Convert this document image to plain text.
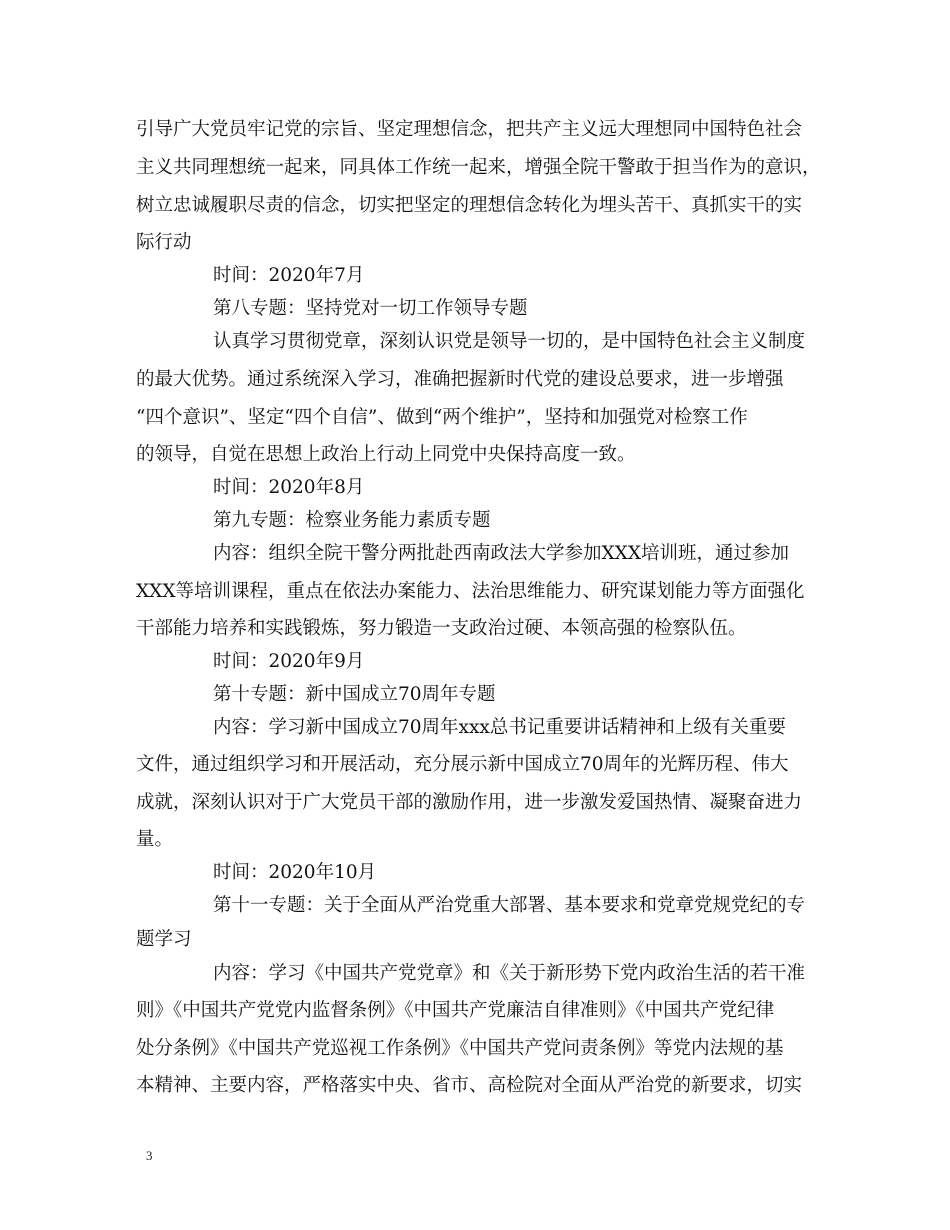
引导广大党员牢记党的宗旨、坚定理想信念，把共产主义远大理想同中国特色社会
主义共同理想统一起来，同具体工作统一起来，增强全院干警敢于担当作为的意识，
树立忠诚履职尽责的信念，切实把坚定的理想信念转化为埋头苦干、真抓实干的实
际行动
时间：2020年7月
第八专题：坚持党对一切工作领导专题
认真学习贯彻党章，深刻认识党是领导一切的，是中国特色社会主义制度
的最大优势。通过系统深入学习，准确把握新时代党的建设总要求，进一步增强
“四个意识”、坚定“四个自信”、做到“两个维护”，坚持和加强党对检察工作
的领导，自觉在思想上政治上行动上同党中央保持高度一致。
时间：2020年8月
第九专题：检察业务能力素质专题
内容：组织全院干警分两批赴西南政法大学参加XXX培训班，通过参加
XXX等培训课程，重点在依法办案能力、法治思维能力、研究谋划能力等方面强化
干部能力培养和实践锻炼，努力锻造一支政治过硬、本领高强的检察队伍。
时间：2020年9月
第十专题：新中国成立70周年专题
内容：学习新中国成立70周年xxx总书记重要讲话精神和上级有关重要
文件，通过组织学习和开展活动，充分展示新中国成立70周年的光辉历程、伟大
成就，深刻认识对于广大党员干部的激励作用，进一步激发爱国热情、凝聚奋进力
量。
时间：2020年10月
第十一专题：关于全面从严治党重大部署、基本要求和党章党规党纪的专
题学习
内容：学习《中国共产党党章》和《关于新形势下党内政治生活的若干准
则》《中国共产党党内监督条例》《中国共产党廉洁自律准则》《中国共产党纪律
处分条例》《中国共产党巡视工作条例》《中国共产党问责条例》等党内法规的基
本精神、主要内容，严格落实中央、省市、高检院对全面从严治党的新要求，切实
3
